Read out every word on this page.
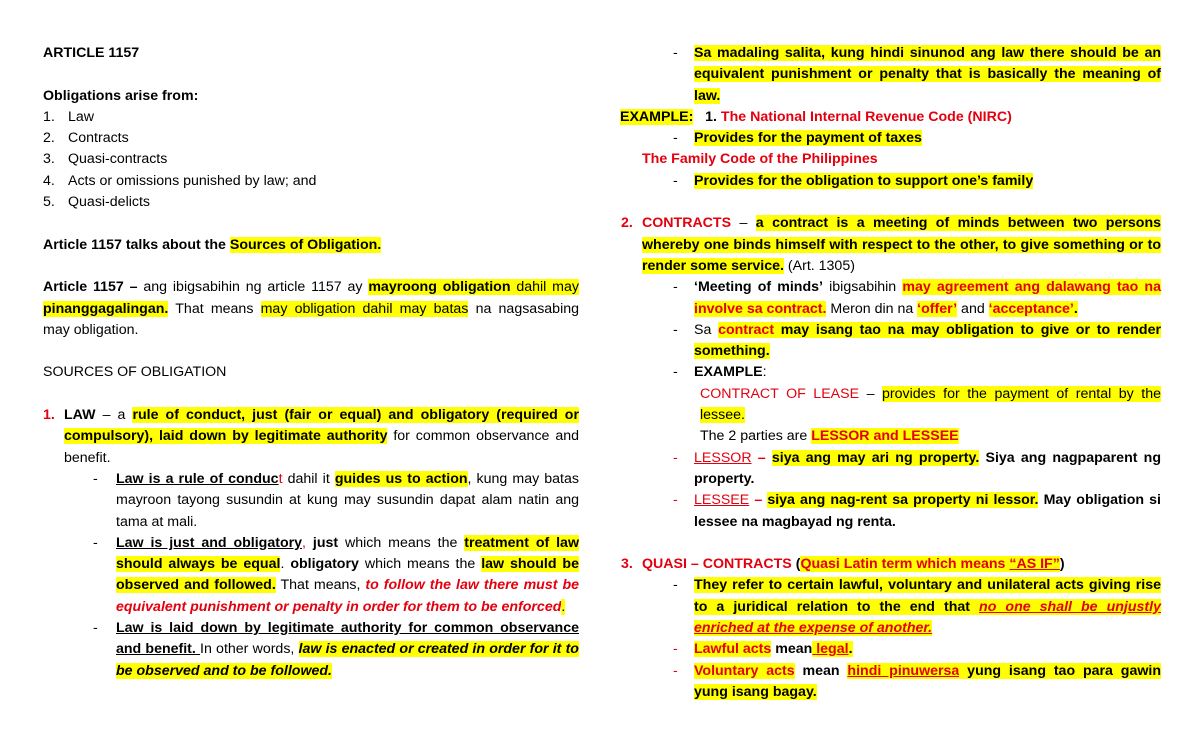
ARTICLE 1157

Obligations arise from:

1. Law
2. Contracts
3. Quasi-contracts
4. Acts or omissions punished by law; and
5. Quasi-delicts

Article 1157 talks about the Sources of Obligation.

Article 1157 – ang ibigsabihin ng article 1157 ay mayroong obligation dahil may pinanggagalingan. That means may obligation dahil may batas na nagsasabing may obligation.

SOURCES OF OBLIGATION

1. LAW – a rule of conduct, just (fair or equal) and obligatory (required or compulsory), laid down by legitimate authority for common observance and benefit.
- Law is a rule of conduct dahil it guides us to action, kung may batas mayroon tayong susundin at kung may susundin dapat alam natin ang tama at mali.
- Law is just and obligatory, just which means the treatment of law should always be equal. obligatory which means the law should be observed and followed. That means, to follow the law there must be equivalent punishment or penalty in order for them to be enforced.
- Law is laid down by legitimate authority for common observance and benefit. In other words, law is enacted or created in order for it to be observed and to be followed.
- Sa madaling salita, kung hindi sinunod ang law there should be an equivalent punishment or penalty that is basically the meaning of law.

EXAMPLE: 1. The National Internal Revenue Code (NIRC)

- Provides for the payment of taxes

The Family Code of the Philippines

- Provides for the obligation to support one’s family
2. CONTRACTS – a contract is a meeting of minds between two persons whereby one binds himself with respect to the other, to give something or to render some service. (Art. 1305)
- ‘Meeting of minds’ ibigsabihin may agreement ang dalawang tao na involve sa contract. Meron din na ‘offer’ and ‘acceptance’.
- Sa contract may isang tao na may obligation to give or to render something.
- EXAMPLE:

CONTRACT OF LEASE – provides for the payment of rental by the lessee.

The 2 parties are LESSOR and LESSEE

- LESSOR – siya ang may ari ng property. Siya ang nagpaparent ng property.
- LESSEE – siya ang nag-rent sa property ni lessor. May obligation si lessee na magbayad ng renta.
3. QUASI – CONTRACTS (Quasi Latin term which means “AS IF”)
- They refer to certain lawful, voluntary and unilateral acts giving rise to a juridical relation to the end that no one shall be unjustly enriched at the expense of another.
- Lawful acts mean legal.
- Voluntary acts mean hindi pinuwersa yung isang tao para gawin yung isang bagay.
